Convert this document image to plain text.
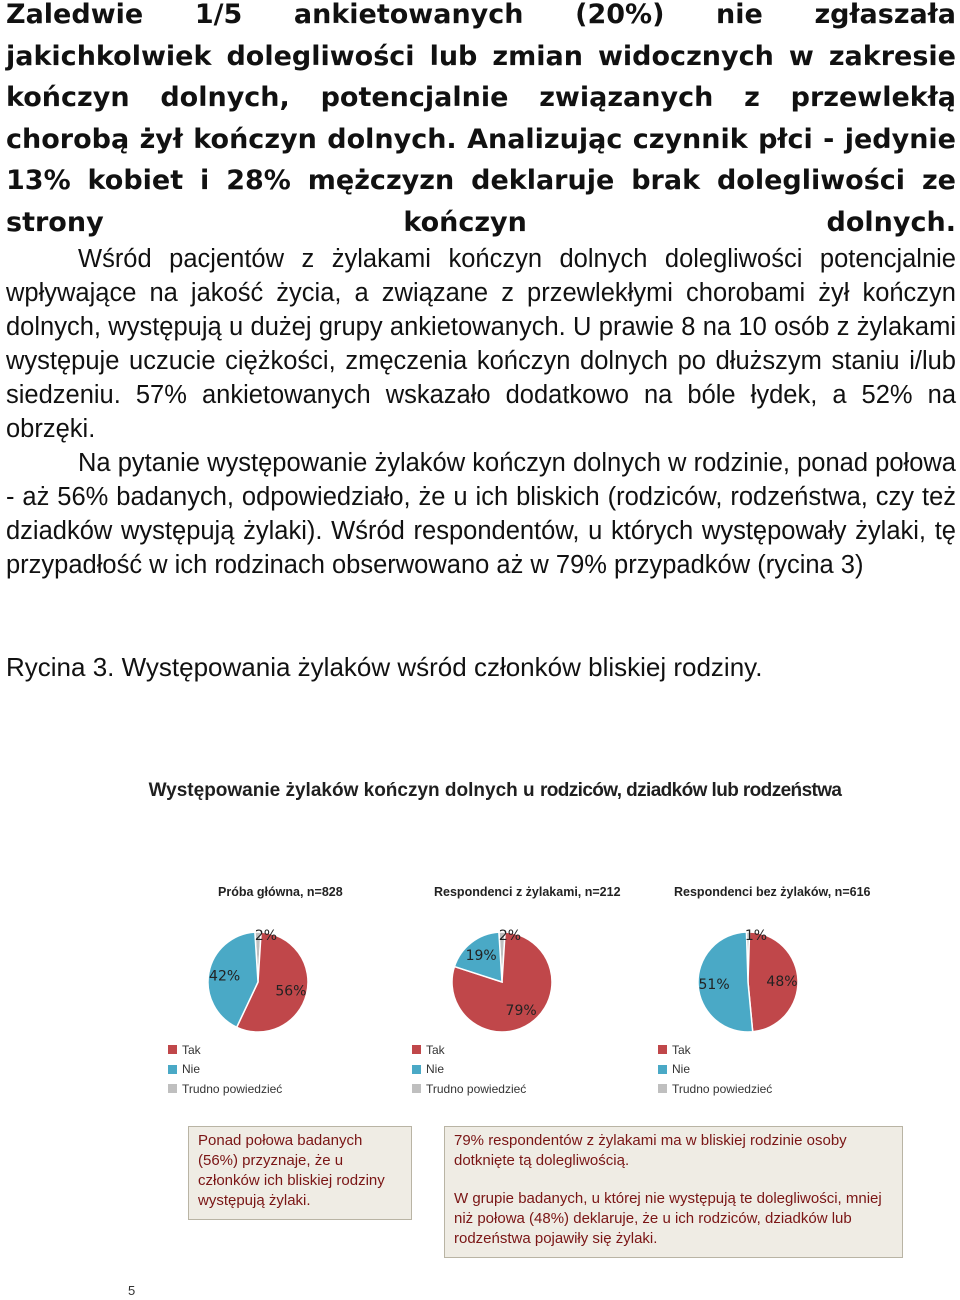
Zaledwie 1/5 ankietowanych (20%) nie zgłaszała jakichkolwiek dolegliwości lub zmian widocznych w zakresie kończyn dolnych, potencjalnie związanych z przewlekłą chorobą żył kończyn dolnych. Analizując czynnik płci - jedynie 13% kobiet i 28% mężczyzn deklaruje brak dolegliwości ze strony kończyn dolnych.

Wśród pacjentów z żylakami kończyn dolnych dolegliwości potencjalnie wpływające na jakość życia, a związane z przewlekłymi chorobami żył kończyn dolnych, występują u dużej grupy ankietowanych. U prawie 8 na 10 osób z żylakami występuje uczucie ciężkości, zmęczenia kończyn dolnych po dłuższym staniu i/lub siedzeniu. 57% ankietowanych wskazało dodatkowo na bóle łydek, a 52% na obrzęki.

Na pytanie występowanie żylaków kończyn dolnych w rodzinie, ponad połowa - aż 56% badanych, odpowiedziało, że u ich bliskich (rodziców, rodzeństwa, czy też dziadków występują żylaki). Wśród respondentów, u których występowały żylaki, tę przypadłość w ich rodzinach obserwowano aż w 79% przypadków (rycina 3)

Rycina 3. Występowania żylaków wśród członków bliskiej rodziny.

Występowanie żylaków kończyn dolnych u rodziców, dziadków lub rodzeństwa
Próba główna, n=828
2%
56%
42%
Tak
Nie
Trudno powiedzieć
Respondenci z żylakami, n=212
2%
79%
19%
Tak
Nie
Trudno powiedzieć
Respondenci bez żylaków, n=616
1%
48%
51%
Tak
Nie
Trudno powiedzieć

Ponad połowa badanych (56%) przyznaje, że u członków ich bliskiej rodziny występują żylaki.

79% respondentów z żylakami ma w bliskiej rodzinie osoby dotknięte tą dolegliwością.

W grupie badanych, u której nie występują te dolegliwości, mniej niż połowa (48%) deklaruje, że u ich rodziców, dziadków lub rodzeństwa pojawiły się żylaki.

5
